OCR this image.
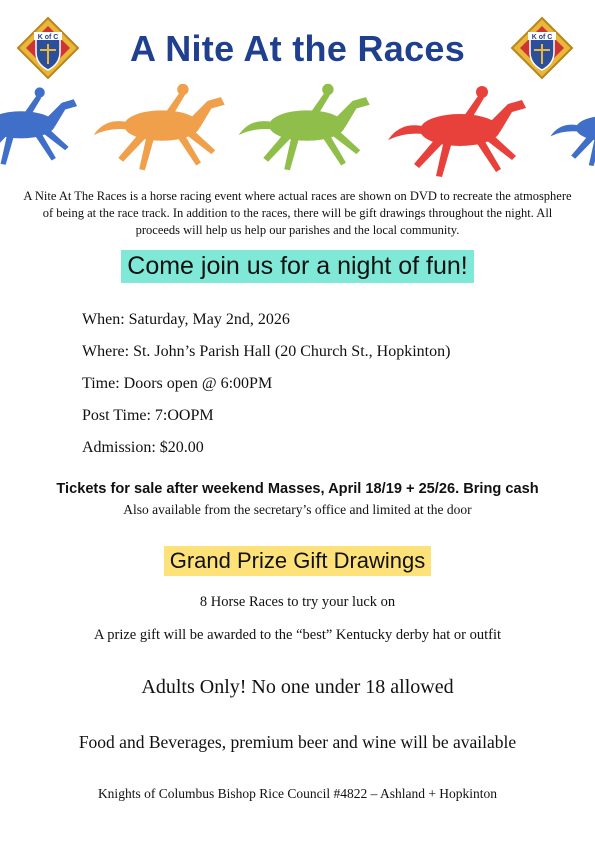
K of C	K of C
A Nite At the Races
A Nite At The Races is a horse racing event where actual races are shown on DVD to recreate the atmosphere of being at the race track. In addition to the races, there will be gift drawings throughout the night. All proceeds will help us help our parishes and the local community.
Come join us for a night of fun!
When: Saturday, May 2nd, 2026
Where: St. John’s Parish Hall (20 Church St., Hopkinton)
Time: Doors open @ 6:00PM
Post Time: 7:OOPM
Admission: $20.00
Tickets for sale after weekend Masses, April 18/19 + 25/26. Bring cash
Also available from the secretary’s office and limited at the door
Grand Prize Gift Drawings
8 Horse Races to try your luck on
A prize gift will be awarded to the “best” Kentucky derby hat or outfit
Adults Only! No one under 18 allowed
Food and Beverages, premium beer and wine will be available
Knights of Columbus Bishop Rice Council #4822 – Ashland + Hopkinton
